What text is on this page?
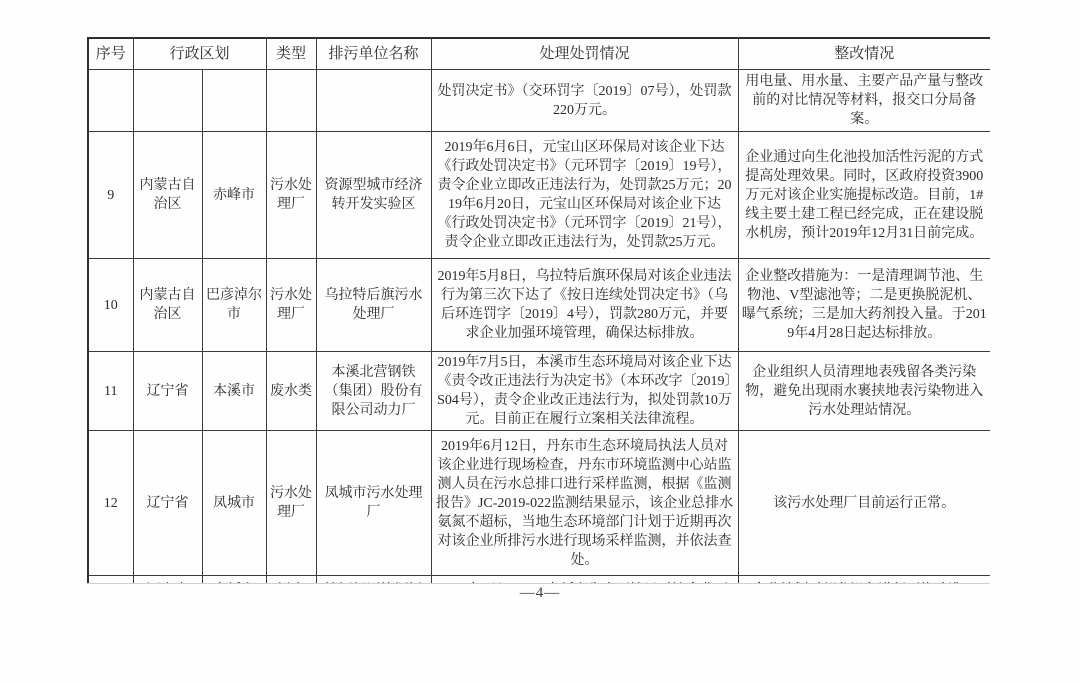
序号	行政区划		类型	排污单位名称	处理处罚情况	整改情况
					处罚决定书》（交环罚字〔2019〕07号），处罚款220万元。	用电量、用水量、主要产品产量与整改前的对比情况等材料，报交口分局备案。
9	内蒙古自治区	赤峰市	污水处理厂	资源型城市经济转开发实验区	2019年6月6日，元宝山区环保局对该企业下达《行政处罚决定书》（元环罚字〔2019〕19号），责令企业立即改正违法行为，处罚款25万元；2019年6月20日，元宝山区环保局对该企业下达《行政处罚决定书》（元环罚字〔2019〕21号），责令企业立即改正违法行为，处罚款25万元。	企业通过向生化池投加活性污泥的方式提高处理效果。同时，区政府投资3900万元对该企业实施提标改造。目前，1#线主要土建工程已经完成，正在建设脱水机房，预计2019年12月31日前完成。
10	内蒙古自治区	巴彦淖尔市	污水处理厂	乌拉特后旗污水处理厂	2019年5月8日，乌拉特后旗环保局对该企业违法行为第三次下达了《按日连续处罚决定书》（乌后环连罚字〔2019〕4号），罚款280万元，并要求企业加强环境管理，确保达标排放。	企业整改措施为：一是清理调节池、生物池、V型滤池等；二是更换脱泥机、曝气系统；三是加大药剂投入量。于2019年4月28日起达标排放。
11	辽宁省	本溪市	废水类	本溪北营钢铁（集团）股份有限公司动力厂	2019年7月5日，本溪市生态环境局对该企业下达《责令改正违法行为决定书》（本环改字〔2019〕S04号），责令企业改正违法行为，拟处罚款10万元。目前正在履行立案相关法律流程。	企业组织人员清理地表残留各类污染物，避免出现雨水裹挟地表污染物进入污水处理站情况。
12	辽宁省	凤城市	污水处理厂	凤城市污水处理厂	2019年6月12日，丹东市生态环境局执法人员对该企业进行现场检查，丹东市环境监测中心站监测人员在污水总排口进行采样监测，根据《监测报告》JC-2019-022监测结果显示，该企业总排水氨氮不超标，当地生态环境部门计划于近期再次对该企业所排污水进行现场采样监测，并依法查处。	该污水处理厂目前运行正常。

—4—
